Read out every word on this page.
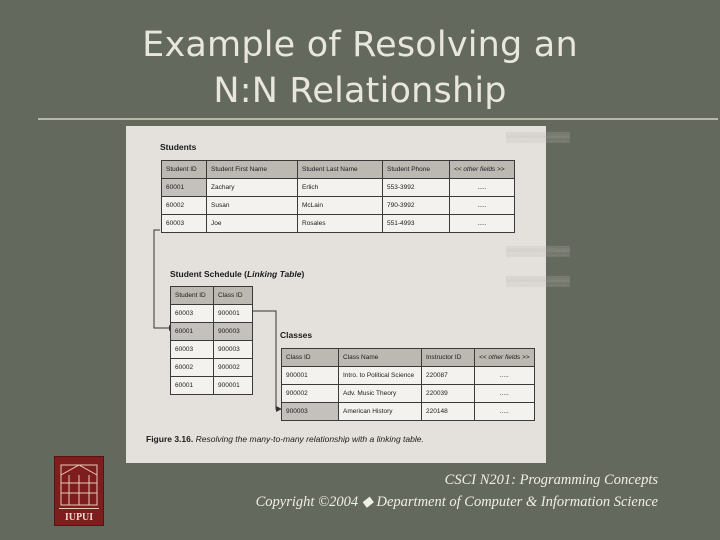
Example of Resolving an
N:N Relationship
▒▒▒▒▒▒▒▒▒▒
▒▒▒▒▒▒▒▒▒▒
▒▒▒▒▒▒▒▒▒▒
Students
Student ID	Student First Name	Student Last Name	Student Phone	<< other fields >>
60001	Zachary	Erlich	553-3992	.....
60002	Susan	McLain	790-3992	.....
60003	Joe	Rosales	551-4993	.....
Student Schedule (Linking Table)
Student ID	Class ID
60003	900001
60001	900003
60003	900003
60002	900002
60001	900001
Classes
Class ID	Class Name	Instructor ID	<< other fields >>
900001	Intro. to Political Science	220087	.....
900002	Adv. Music Theory	220039	.....
900003	American History	220148	.....
Figure 3.16. Resolving the many-to-many relationship with a linking table.
IUPUI
CSCI N201: Programming Concepts
Copyright ©2004 ◆ Department of Computer & Information Science
